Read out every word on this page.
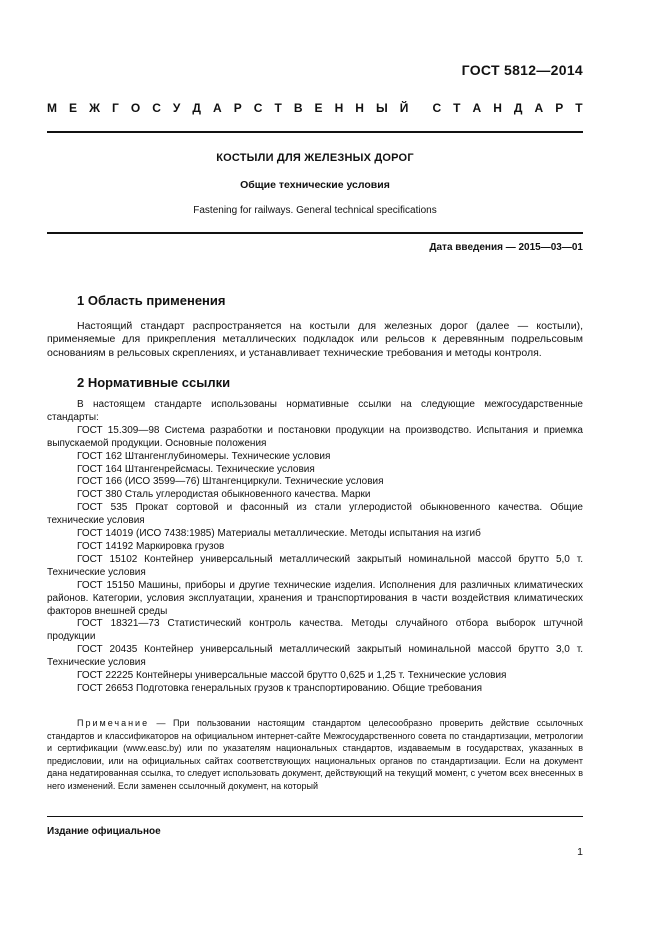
ГОСТ 5812—2014
М Е Ж Г О С У Д А Р С Т В Е Н Н Ы Й С Т А Н Д А Р Т
КОСТЫЛИ ДЛЯ ЖЕЛЕЗНЫХ ДОРОГ
Общие технические условия
Fastening for railways. General technical specifications
Дата введения — 2015—03—01
1 Область применения
Настоящий стандарт распространяется на костыли для железных дорог (далее — костыли), применяемые для прикрепления металлических подкладок или рельсов к деревянным подрельсовым основаниям в рельсовых скреплениях, и устанавливает технические требования и методы контроля.
2 Нормативные ссылки
В настоящем стандарте использованы нормативные ссылки на следующие межгосударственные стандарты:
ГОСТ 15.309—98 Система разработки и постановки продукции на производство. Испытания и приемка выпускаемой продукции. Основные положения
ГОСТ 162 Штангенглубиномеры. Технические условия
ГОСТ 164 Штангенрейсмасы. Технические условия
ГОСТ 166 (ИСО 3599—76) Штангенциркули. Технические условия
ГОСТ 380 Сталь углеродистая обыкновенного качества. Марки
ГОСТ 535 Прокат сортовой и фасонный из стали углеродистой обыкновенного качества. Общие технические условия
ГОСТ 14019 (ИСО 7438:1985) Материалы металлические. Методы испытания на изгиб
ГОСТ 14192 Маркировка грузов
ГОСТ 15102 Контейнер универсальный металлический закрытый номинальной массой брутто 5,0 т. Технические условия
ГОСТ 15150 Машины, приборы и другие технические изделия. Исполнения для различных климатических районов. Категории, условия эксплуатации, хранения и транспортирования в части воздействия климатических факторов внешней среды
ГОСТ 18321—73 Статистический контроль качества. Методы случайного отбора выборок штучной продукции
ГОСТ 20435 Контейнер универсальный металлический закрытый номинальной массой брутто 3,0 т. Технические условия
ГОСТ 22225 Контейнеры универсальные массой брутто 0,625 и 1,25 т. Технические условия
ГОСТ 26653 Подготовка генеральных грузов к транспортированию. Общие требования
Примечание — При пользовании настоящим стандартом целесообразно проверить действие ссылочных стандартов и классификаторов на официальном интернет-сайте Межгосударственного совета по стандартизации, метрологии и сертификации (www.easc.by) или по указателям национальных стандартов, издаваемым в государствах, указанных в предисловии, или на официальных сайтах соответствующих национальных органов по стандартизации. Если на документ дана недатированная ссылка, то следует использовать документ, действующий на текущий момент, с учетом всех внесенных в него изменений. Если заменен ссылочный документ, на который
Издание официальное
1
